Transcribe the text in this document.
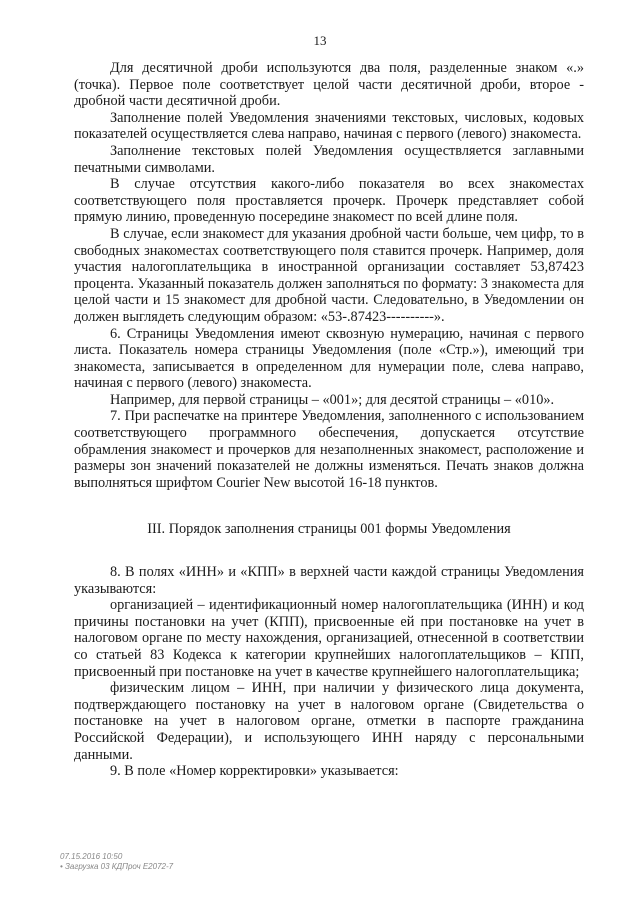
13

Для десятичной дроби используются два поля, разделенные знаком «.» (точка). Первое поле соответствует целой части десятичной дроби, второе - дробной части десятичной дроби.

Заполнение полей Уведомления значениями текстовых, числовых, кодовых показателей осуществляется слева направо, начиная с первого (левого) знакоместа.

Заполнение текстовых полей Уведомления осуществляется заглавными печатными символами.

В случае отсутствия какого-либо показателя во всех знакоместах соответствующего поля проставляется прочерк. Прочерк представляет собой прямую линию, проведенную посередине знакомест по всей длине поля.

В случае, если знакомест для указания дробной части больше, чем цифр, то в свободных знакоместах соответствующего поля ставится прочерк. Например, доля участия налогоплательщика в иностранной организации составляет 53,87423 процента. Указанный показатель должен заполняться по формату: 3 знакоместа для целой части и 15 знакомест для дробной части. Следовательно, в Уведомлении он должен выглядеть следующим образом: «53-.87423----------».

6. Страницы Уведомления имеют сквозную нумерацию, начиная с первого листа. Показатель номера страницы Уведомления (поле «Стр.»), имеющий три знакоместа, записывается в определенном для нумерации поле, слева направо, начиная с первого (левого) знакоместа.

Например, для первой страницы – «001»; для десятой страницы – «010».

7. При распечатке на принтере Уведомления, заполненного с использованием соответствующего программного обеспечения, допускается отсутствие обрамления знакомест и прочерков для незаполненных знакомест, расположение и размеры зон значений показателей не должны изменяться. Печать знаков должна выполняться шрифтом Courier New высотой 16-18 пунктов.

III. Порядок заполнения страницы 001 формы Уведомления

8. В полях «ИНН» и «КПП» в верхней части каждой страницы Уведомления указываются:

организацией – идентификационный номер налогоплательщика (ИНН) и код причины постановки на учет (КПП), присвоенные ей при постановке на учет в налоговом органе по месту нахождения, организацией, отнесенной в соответствии со статьей 83 Кодекса к категории крупнейших налогоплательщиков – КПП, присвоенный при постановке на учет в качестве крупнейшего налогоплательщика;

физическим лицом – ИНН, при наличии у физического лица документа, подтверждающего постановку на учет в налоговом органе (Свидетельства о постановке на учет в налоговом органе, отметки в паспорте гражданина Российской Федерации), и использующего ИНН наряду с персональными данными.

9. В поле «Номер корректировки» указывается:

07.15.2016 10:50
• Загрузка 03 КДПроч Е2072-7
